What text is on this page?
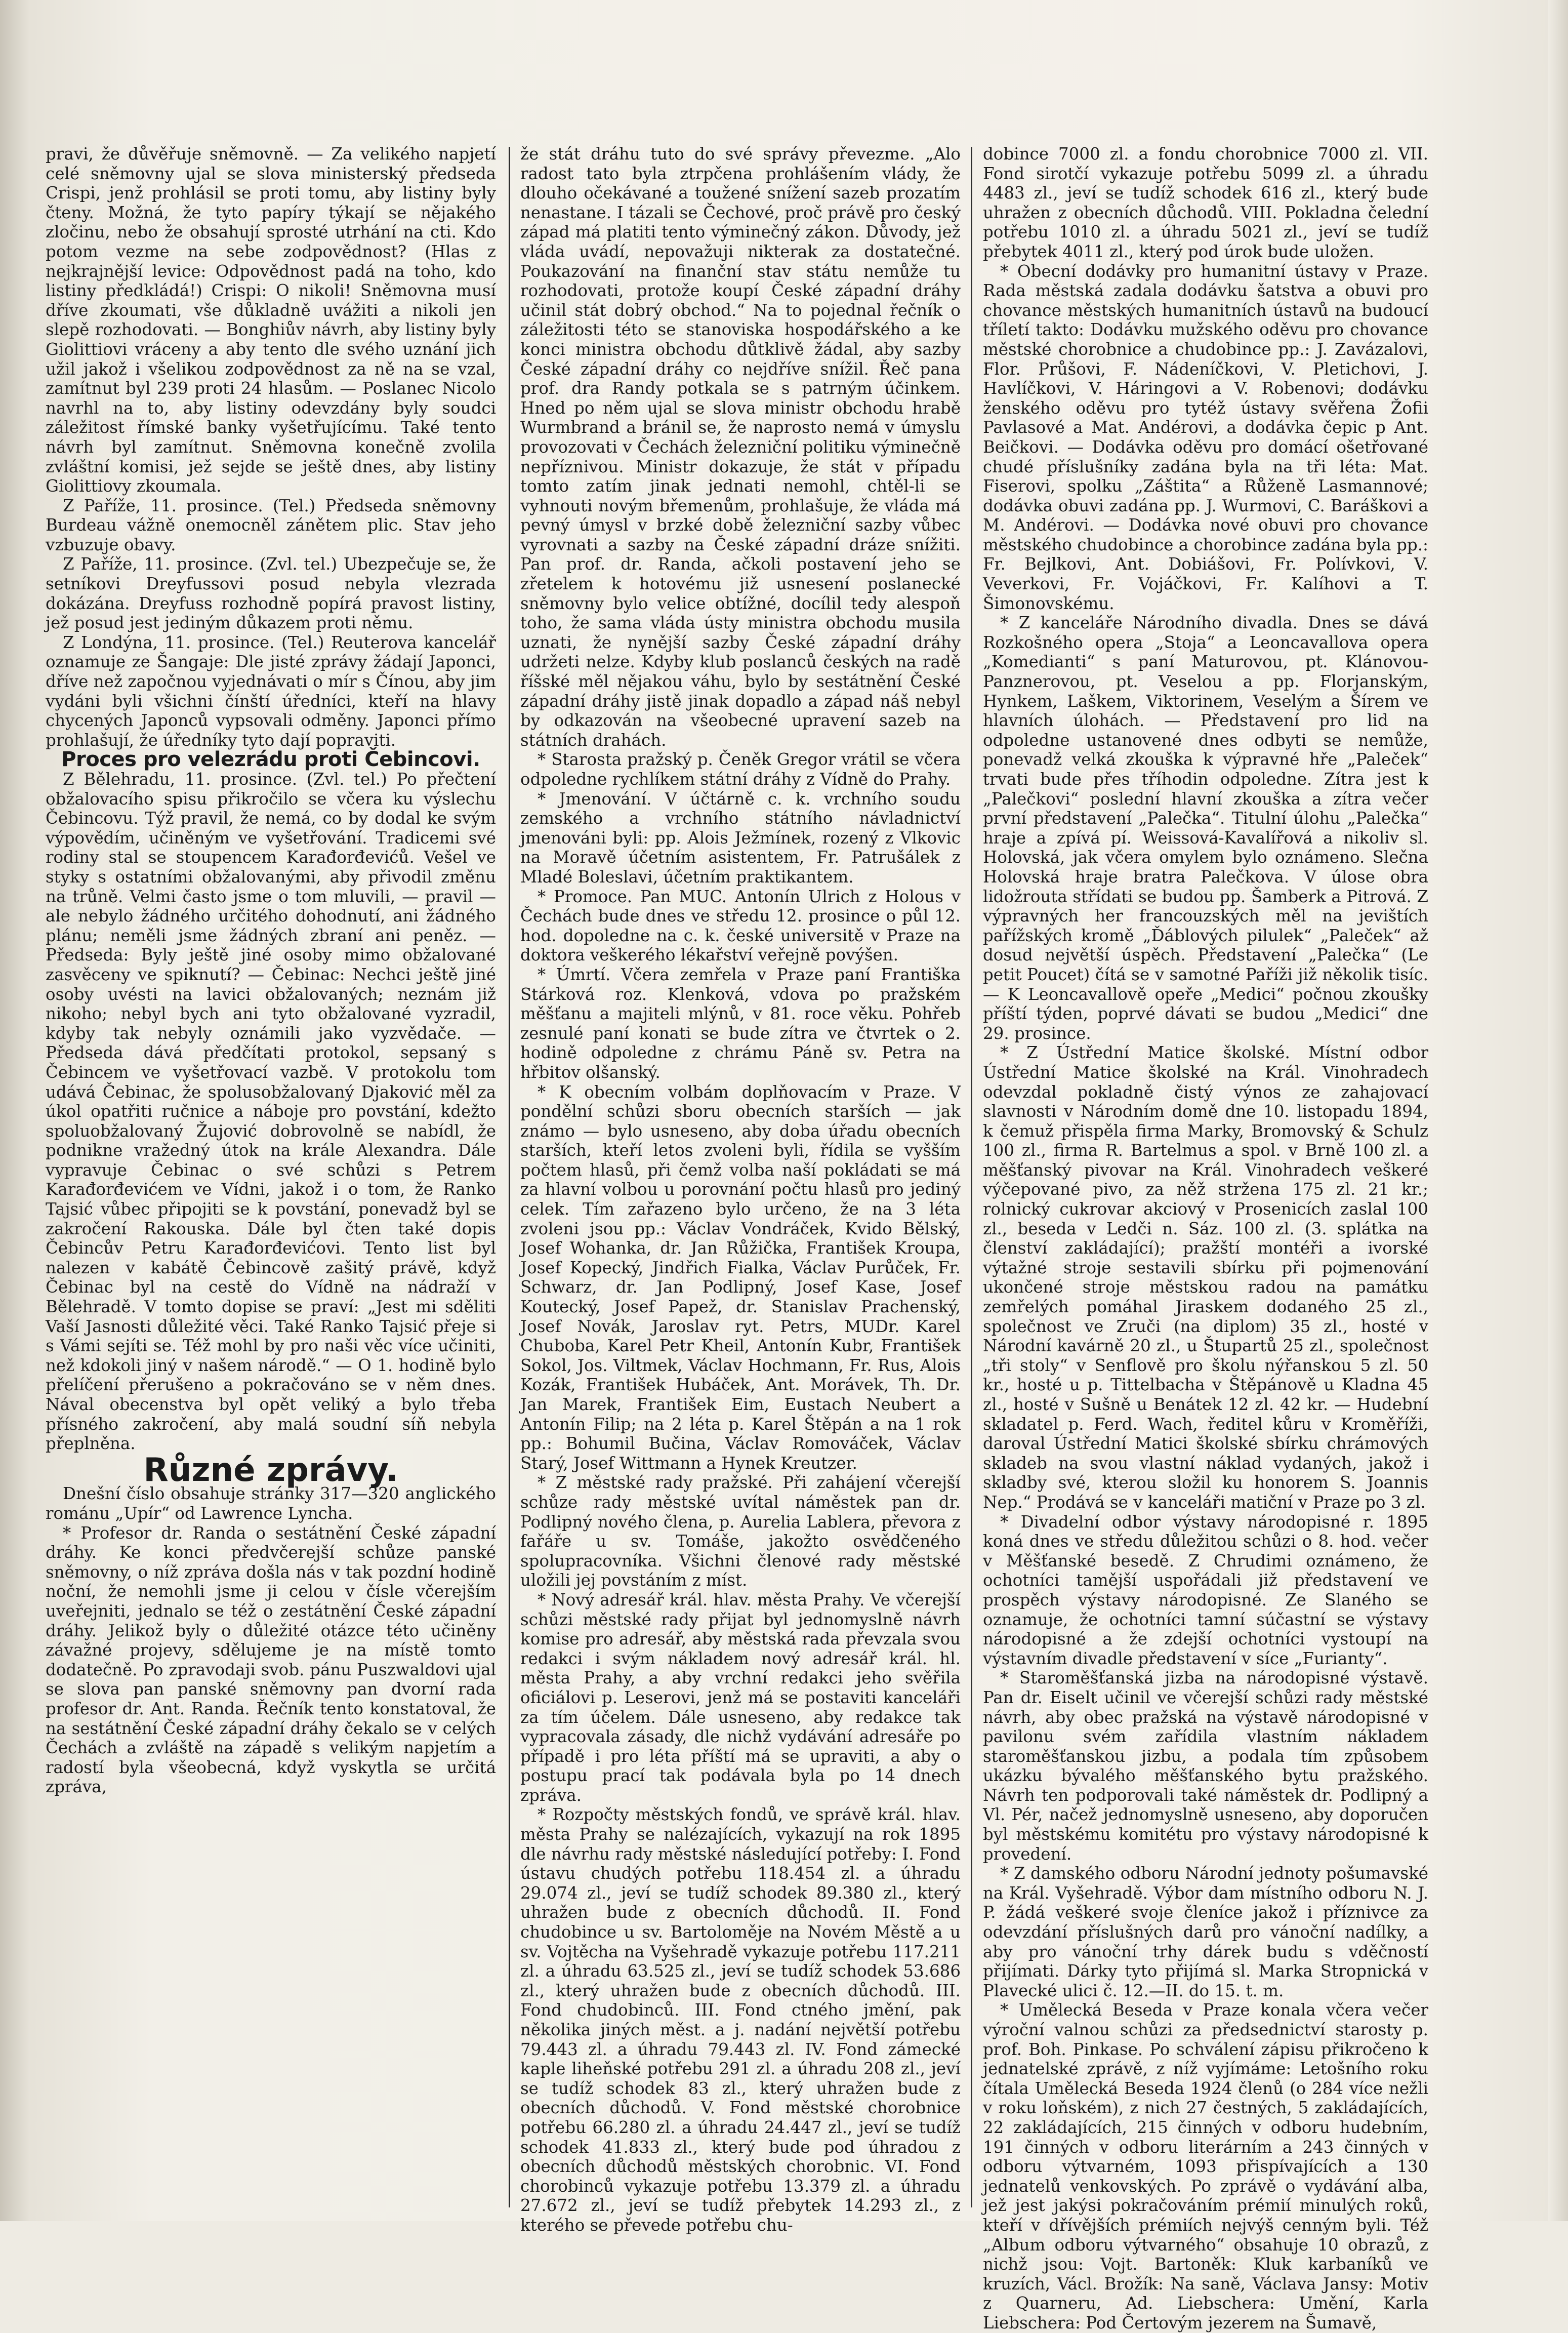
pravi, že důvěřuje sněmovně. — Za velikého napjetí celé sněmovny ujal se slova ministerský předseda Crispi, jenž prohlásil se proti tomu, aby listiny byly čteny. Možná, že tyto papíry týkají se nějakého zločinu, nebo že obsahují sprosté utrhání na cti. Kdo potom vezme na sebe zodpovědnost? (Hlas z nejkrajnější levice: Odpovědnost padá na toho, kdo listiny předkládá!) Crispi: O nikoli! Sněmovna musí dříve zkoumati, vše důkladně uvážiti a nikoli jen slepě rozhodovati. — Bonghiův návrh, aby listiny byly Giolittiovi vráceny a aby tento dle svého uznání jich užil jakož i všelikou zodpovědnost za ně na se vzal, zamítnut byl 239 proti 24 hlasům. — Poslanec Nicolo navrhl na to, aby listiny odevzdány byly soudci záležitost římské banky vyšetřujícímu. Také tento návrh byl zamítnut. Sněmovna konečně zvolila zvláštní komisi, jež sejde se ještě dnes, aby listiny Giolittiovy zkoumala.

Z Paříže, 11. prosince. (Tel.) Předseda sněmovny Burdeau vážně onemocněl zánětem plic. Stav jeho vzbuzuje obavy.

Z Paříže, 11. prosince. (Zvl. tel.) Ubezpečuje se, že setníkovi Dreyfussovi posud nebyla vlezrada dokázána. Dreyfuss rozhodně popírá pravost listiny, jež posud jest jediným důkazem proti němu.

Z Londýna, 11. prosince. (Tel.) Reuterova kancelář oznamuje ze Šangaje: Dle jisté zprávy žádají Japonci, dříve než započnou vyjednávati o mír s Čínou, aby jim vydáni byli všichni čínští úředníci, kteří na hlavy chycených Japonců vypsovali odměny. Japonci přímo prohlašují, že úředníky tyto dají popraviti.

Proces pro velezrádu proti Čebincovi.

Z Bělehradu, 11. prosince. (Zvl. tel.) Po přečtení obžalovacího spisu přikročilo se včera ku výslechu Čebincovu. Týž pravil, že nemá, co by dodal ke svým výpovědím, učiněným ve vyšetřování. Tradicemi své rodiny stal se stoupencem Karađorđevićů. Vešel ve styky s ostatními obžalovanými, aby přivodil změnu na trůně. Velmi často jsme o tom mluvili, — pravil — ale nebylo žádného určitého dohodnutí, ani žádného plánu; neměli jsme žádných zbraní ani peněz. — Předseda: Byly ještě jiné osoby mimo obžalované zasvěceny ve spiknutí? — Čebinac: Nechci ještě jiné osoby uvésti na lavici obžalovaných; neznám již nikoho; nebyl bych ani tyto obžalované vyzradil, kdyby tak nebyly oznámili jako vyzvědače. — Předseda dává předčítati protokol, sepsaný s Čebincem ve vyšetřovací vazbě. V protokolu tom udává Čebinac, že spolusobžalovaný Djaković měl za úkol opatřiti ručnice a náboje pro povstání, kdežto spoluobžalovaný Žujović dobrovolně se nabídl, že podnikne vražedný útok na krále Alexandra. Dále vypravuje Čebinac o své schůzi s Petrem Karađorđevićem ve Vídni, jakož i o tom, že Ranko Tajsić vůbec připojiti se k povstání, ponevadž byl se zakročení Rakouska. Dále byl čten také dopis Čebincův Petru Karađorđevićovi. Tento list byl nalezen v kabátě Čebincově zašitý právě, když Čebinac byl na cestě do Vídně na nádraží v Bělehradě. V tomto dopise se praví: „Jest mi sděliti Vaší Jasnosti důležité věci. Také Ranko Tajsić přeje si s Vámi sejíti se. Též mohl by pro naši věc více učiniti, než kdokoli jiný v našem národě.“ — O 1. hodině bylo přelíčení přerušeno a pokračováno se v něm dnes. Nával obecenstva byl opět veliký a bylo třeba přísného zakročení, aby malá soudní síň nebyla přeplněna.

Různé zprávy.

Dnešní číslo obsahuje stránky 317—320 anglického románu „Upír“ od Lawrence Lyncha.

* Profesor dr. Randa o sestátnění České západní dráhy. Ke konci předvčerejší schůze panské sněmovny, o níž zpráva došla nás v tak pozdní hodině noční, že nemohli jsme ji celou v čísle včerejším uveřejniti, jednalo se též o zestátnění České západní dráhy. Jelikož byly o důležité otázce této učiněny závažné projevy, sdělujeme je na místě tomto dodatečně. Po zpravodaji svob. pánu Puszwaldovi ujal se slova pan panské sněmovny pan dvorní rada profesor dr. Ant. Randa. Řečník tento konstatoval, že na sestátnění České západní dráhy čekalo se v celých Čechách a zvláště na západě s velikým napjetím a radostí byla všeobecná, když vyskytla se určitá zpráva,

že stát dráhu tuto do své správy převezme. „Alo radost tato byla ztrpčena prohlášením vlády, že dlouho očekávané a toužené snížení sazeb prozatím nenastane. I tázali se Čechové, proč právě pro český západ má platiti tento výminečný zákon. Důvody, jež vláda uvádí, nepovažuji nikterak za dostatečné. Poukazování na finanční stav státu nemůže tu rozhodovati, protože koupí České západní dráhy učinil stát dobrý obchod.“ Na to pojednal řečník o záležitosti této se stanoviska hospodářského a ke konci ministra obchodu důtklivě žádal, aby sazby České západní dráhy co nejdříve snížil. Řeč pana prof. dra Randy potkala se s patrným účinkem. Hned po něm ujal se slova ministr obchodu hrabě Wurmbrand a bránil se, že naprosto nemá v úmyslu provozovati v Čechách železniční politiku výminečně nepříznivou. Ministr dokazuje, že stát v případu tomto zatím jinak jednati nemohl, chtěl-li se vyhnouti novým břemenům, prohlašuje, že vláda má pevný úmysl v brzké době železniční sazby vůbec vyrovnati a sazby na České západní dráze snížiti. Pan prof. dr. Randa, ačkoli postavení jeho se zřetelem k hotovému již usnesení poslanecké sněmovny bylo velice obtížné, docílil tedy alespoň toho, že sama vláda ústy ministra obchodu musila uznati, že nynější sazby České západní dráhy udržeti nelze. Kdyby klub poslanců českých na radě říšské měl nějakou váhu, bylo by sestátnění České západní dráhy jistě jinak dopadlo a západ náš nebyl by odkazován na všeobecné upravení sazeb na státních drahách.

* Starosta pražský p. Čeněk Gregor vrátil se včera odpoledne rychlíkem státní dráhy z Vídně do Prahy.

* Jmenování. V účtárně c. k. vrchního soudu zemského a vrchního státního návladnictví jmenováni byli: pp. Alois Ježmínek, rozený z Vlkovic na Moravě účetním asistentem, Fr. Patrušálek z Mladé Boleslavi, účetním praktikantem.

* Promoce. Pan MUC. Antonín Ulrich z Holous v Čechách bude dnes ve středu 12. prosince o půl 12. hod. dopoledne na c. k. české universitě v Praze na doktora veškerého lékařství veřejně povýšen.

* Úmrtí. Včera zemřela v Praze paní Františka Stárková roz. Klenková, vdova po pražském měšťanu a majiteli mlýnů, v 81. roce věku. Pohřeb zesnulé paní konati se bude zítra ve čtvrtek o 2. hodině odpoledne z chrámu Páně sv. Petra na hřbitov olšanský.

* K obecním volbám doplňovacím v Praze. V pondělní schůzi sboru obecních starších — jak známo — bylo usneseno, aby doba úřadu obecních starších, kteří letos zvoleni byli, řídila se vyšším počtem hlasů, při čemž volba naší pokládati se má za hlavní volbou u porovnání počtu hlasů pro jediný celek. Tím zařazeno bylo určeno, že na 3 léta zvoleni jsou pp.: Václav Vondráček, Kvido Bělský, Josef Wohanka, dr. Jan Růžička, František Kroupa, Josef Kopecký, Jindřich Fialka, Václav Purůček, Fr. Schwarz, dr. Jan Podlipný, Josef Kase, Josef Koutecký, Josef Papež, dr. Stanislav Prachenský, Josef Novák, Jaroslav ryt. Petrs, MUDr. Karel Chuboba, Karel Petr Kheil, Antonín Kubr, František Sokol, Jos. Viltmek, Václav Hochmann, Fr. Rus, Alois Kozák, František Hubáček, Ant. Morávek, Th. Dr. Jan Marek, František Eim, Eustach Neubert a Antonín Filip; na 2 léta p. Karel Štěpán a na 1 rok pp.: Bohumil Bučina, Václav Romováček, Václav Starý, Josef Wittmann a Hynek Kreutzer.

* Z městské rady pražské. Při zahájení včerejší schůze rady městské uvítal náměstek pan dr. Podlipný nového člena, p. Aurelia Lablera, převora z fařáře u sv. Tomáše, jakožto osvědčeného spolupracovníka. Všichni členové rady městské uložili jej povstáním z míst.

* Nový adresář král. hlav. města Prahy. Ve včerejší schůzi městské rady přijat byl jednomyslně návrh komise pro adresář, aby městská rada převzala svou redakci i svým nákladem nový adresář král. hl. města Prahy, a aby vrchní redakci jeho svěřila oficiálovi p. Leserovi, jenž má se postaviti kanceláři za tím účelem. Dále usneseno, aby redakce tak vypracovala zásady, dle nichž vydávání adresáře po případě i pro léta příští má se upraviti, a aby o postupu prací tak podávala byla po 14 dnech zpráva.

* Rozpočty městských fondů, ve správě král. hlav. města Prahy se nalézajících, vykazují na rok 1895 dle návrhu rady městské následující potřeby: I. Fond ústavu chudých potřebu 118.454 zl. a úhradu 29.074 zl., jeví se tudíž schodek 89.380 zl., který uhražen bude z obecních důchodů. II. Fond chudobince u sv. Bartoloměje na Novém Městě a u sv. Vojtěcha na Vyšehradě vykazuje potřebu 117.211 zl. a úhradu 63.525 zl., jeví se tudíž schodek 53.686 zl., který uhražen bude z obecních důchodů. III. Fond chudobinců. III. Fond ctného jmění, pak několika jiných měst. a j. nadání největší potřebu 79.443 zl. a úhradu 79.443 zl. IV. Fond zámecké kaple liheňské potřebu 291 zl. a úhradu 208 zl., jeví se tudíž schodek 83 zl., který uhražen bude z obecních důchodů. V. Fond městské chorobnice potřebu 66.280 zl. a úhradu 24.447 zl., jeví se tudíž schodek 41.833 zl., který bude pod úhradou z obecních důchodů městských chorobnic. VI. Fond chorobinců vykazuje potřebu 13.379 zl. a úhradu 27.672 zl., jeví se tudíž přebytek 14.293 zl., z kterého se převede potřebu chu-

dobince 7000 zl. a fondu chorobnice 7000 zl. VII. Fond sirotčí vykazuje potřebu 5099 zl. a úhradu 4483 zl., jeví se tudíž schodek 616 zl., který bude uhražen z obecních důchodů. VIII. Pokladna čelední potřebu 1010 zl. a úhradu 5021 zl., jeví se tudíž přebytek 4011 zl., který pod úrok bude uložen.

* Obecní dodávky pro humanitní ústavy v Praze. Rada městská zadala dodávku šatstva a obuvi pro chovance městských humanitních ústavů na budoucí tříletí takto: Dodávku mužského oděvu pro chovance městské chorobnice a chudobince pp.: J. Zavázalovi, Flor. Průšovi, F. Nádeníčkovi, V. Pletichovi, J. Havlíčkovi, V. Háringovi a V. Robenovi; dodávku ženského oděvu pro tytéž ústavy svěřena Žofii Pavlasové a Mat. Andérovi, a dodávka čepic p Ant. Beičkovi. — Dodávka oděvu pro domácí ošetřované chudé příslušníky zadána byla na tři léta: Mat. Fiserovi, spolku „Záštita“ a Růženě Lasmannové; dodávka obuvi zadána pp. J. Wurmovi, C. Baráškovi a M. Andérovi. — Dodávka nové obuvi pro chovance městského chudobince a chorobince zadána byla pp.: Fr. Bejlkovi, Ant. Dobiášovi, Fr. Polívkovi, V. Veverkovi, Fr. Vojáčkovi, Fr. Kalíhovi a T. Šimonovskému.

* Z kanceláře Národního divadla. Dnes se dává Rozkošného opera „Stoja“ a Leoncavallova opera „Komedianti“ s paní Maturovou, pt. Klánovou-Panznerovou, pt. Veselou a pp. Florjanským, Hynkem, Laškem, Viktorinem, Veselým a Šírem ve hlavních úlohách. — Představení pro lid na odpoledne ustanovené dnes odbyti se nemůže, ponevadž velká zkouška k výpravné hře „Paleček“ trvati bude přes tříhodin odpoledne. Zítra jest k „Palečkovi“ poslední hlavní zkouška a zítra večer první představení „Palečka“. Titulní úlohu „Palečka“ hraje a zpívá pí. Weissová-Kavalířová a nikoliv sl. Holovská, jak včera omylem bylo oznámeno. Slečna Holovská hraje bratra Palečkova. V úlose obra lidožrouta střídati se budou pp. Šamberk a Pitrová. Z výpravných her francouzských měl na jevištích pařížských kromě „Ďáblových pilulek“ „Paleček“ až dosud největší úspěch. Představení „Palečka“ (Le petit Poucet) čítá se v samotné Paříži již několik tisíc. — K Leoncavallově opeře „Medici“ počnou zkoušky příští týden, poprvé dávati se budou „Medici“ dne 29. prosince.

* Z Ústřední Matice školské. Místní odbor Ústřední Matice školské na Král. Vinohradech odevzdal pokladně čistý výnos ze zahajovací slavnosti v Národním domě dne 10. listopadu 1894, k čemuž přispěla firma Marky, Bromovský & Schulz 100 zl., firma R. Bartelmus a spol. v Brně 100 zl. a měšťanský pivovar na Král. Vinohradech veškeré výčepované pivo, za něž stržena 175 zl. 21 kr.; rolnický cukrovar akciový v Prosenicích zaslal 100 zl., beseda v Ledči n. Sáz. 100 zl. (3. splátka na členství zakládající); pražští montéři a ivorské výtažné stroje sestavili sbírku při pojmenování ukončené stroje městskou radou na památku zemřelých pomáhal Jiraskem dodaného 25 zl., společnost ve Zruči (na diplom) 35 zl., hosté v Národní kavárně 20 zl., u Štupartů 25 zl., společnost „tři stoly“ v Senflově pro školu nýřanskou 5 zl. 50 kr., hosté u p. Tittelbacha v Štěpánově u Kladna 45 zl., hosté v Sušně u Benátek 12 zl. 42 kr. — Hudební skladatel p. Ferd. Wach, ředitel kůru v Kroměříži, daroval Ústřední Matici školské sbírku chrámových skladeb na svou vlastní náklad vydaných, jakož i skladby své, kterou složil ku honorem S. Joannis Nep.“ Prodává se v kanceláři matiční v Praze po 3 zl.

* Divadelní odbor výstavy národopisné r. 1895 koná dnes ve středu důležitou schůzi o 8. hod. večer v Měšťanské besedě. Z Chrudimi oznámeno, že ochotníci tamější uspořádali již představení ve prospěch výstavy národopisné. Ze Slaného se oznamuje, že ochotníci tamní súčastní se výstavy národopisné a že zdejší ochotníci vystoupí na výstavním divadle představení v síce „Furianty“.

* Staroměšťanská jizba na národopisné výstavě. Pan dr. Eiselt učinil ve včerejší schůzi rady městské návrh, aby obec pražská na výstavě národopisné v pavilonu svém zařídila vlastním nákladem staroměšťanskou jizbu, a podala tím způsobem ukázku bývalého měšťanského bytu pražského. Návrh ten podporovali také náměstek dr. Podlipný a Vl. Pér, načež jednomyslně usneseno, aby doporučen byl městskému komitétu pro výstavy národopisné k provedení.

* Z damského odboru Národní jednoty pošumavské na Král. Vyšehradě. Výbor dam místního odboru N. J. P. žádá veškeré svoje členíce jakož i příznivce za odevzdání příslušných darů pro vánoční nadílky, a aby pro vánoční trhy dárek budu s vděčností přijímati. Dárky tyto přijímá sl. Marka Stropnická v Plavecké ulici č. 12.—II. do 15. t. m.

* Umělecká Beseda v Praze konala včera večer výroční valnou schůzi za předsednictví starosty p. prof. Boh. Pinkase. Po schválení zápisu přikročeno k jednatelské zprávě, z níž vyjímáme: Letošního roku čítala Umělecká Beseda 1924 členů (o 284 více nežli v roku loňském), z nich 27 čestných, 5 zakládajících, 22 zakládajících, 215 činných v odboru hudebním, 191 činných v odboru literárním a 243 činných v odboru výtvarném, 1093 přispívajících a 130 jednatelů venkovských. Po zprávě o vydávání alba, jež jest jakýsi pokračováním prémií minulých roků, kteří v dřívějších prémiích nejvýš cenným byli. Též „Album odboru výtvarného“ obsahuje 10 obrazů, z nichž jsou: Vojt. Bartoněk: Kluk karbaníků ve kruzích, Václ. Brožík: Na saně, Václava Jansy: Motiv z Quarneru, Ad. Liebschera: Umění, Karla Liebschera: Pod Čertovým jezerem na Šumavě,
